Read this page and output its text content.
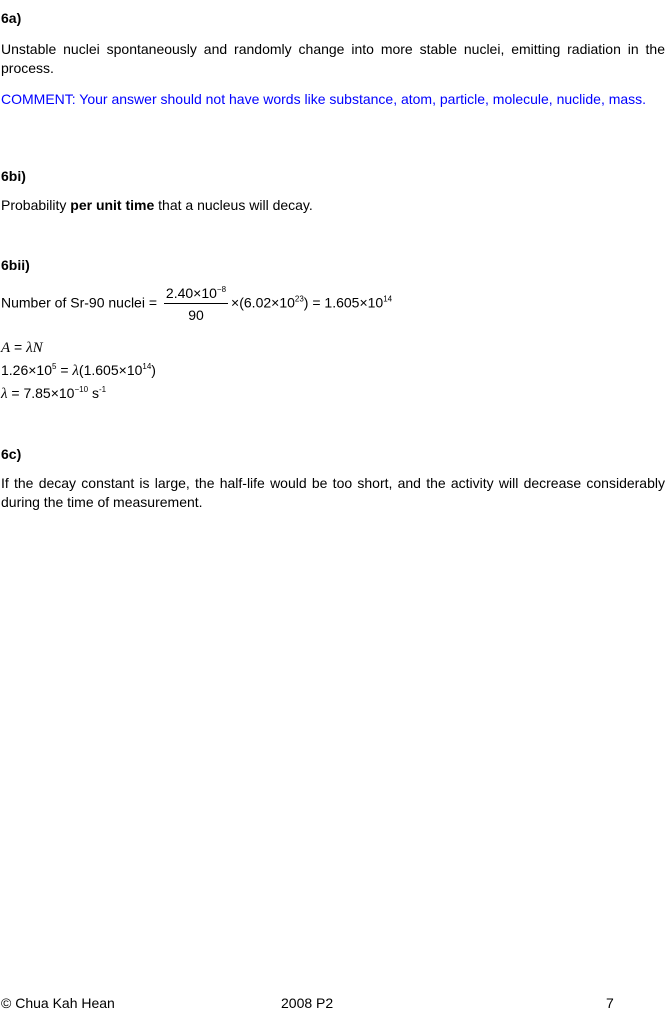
6a)

Unstable nuclei spontaneously and randomly change into more stable nuclei, emitting radiation in the process.

COMMENT: Your answer should not have words like substance, atom, particle, molecule, nuclide, mass.

6bi)

Probability per unit time that a nucleus will decay.

6bii)
Number of Sr-90 nuclei = $\frac{2.40\times 10^{-8}}{90} \times(6.02\times 10^{23}) = 1.605\times 10^{14}$
A = λN
$1.26\times 10^5 = \lambda(1.605\times 10^{14})$
$\lambda = 7.85\times 10^{-10}$ $s^{-1}$
6c)

If the decay constant is large, the half-life would be too short, and the activity will decrease considerably during the time of measurement.

© Chua Kah Hean	2008 P2	7
